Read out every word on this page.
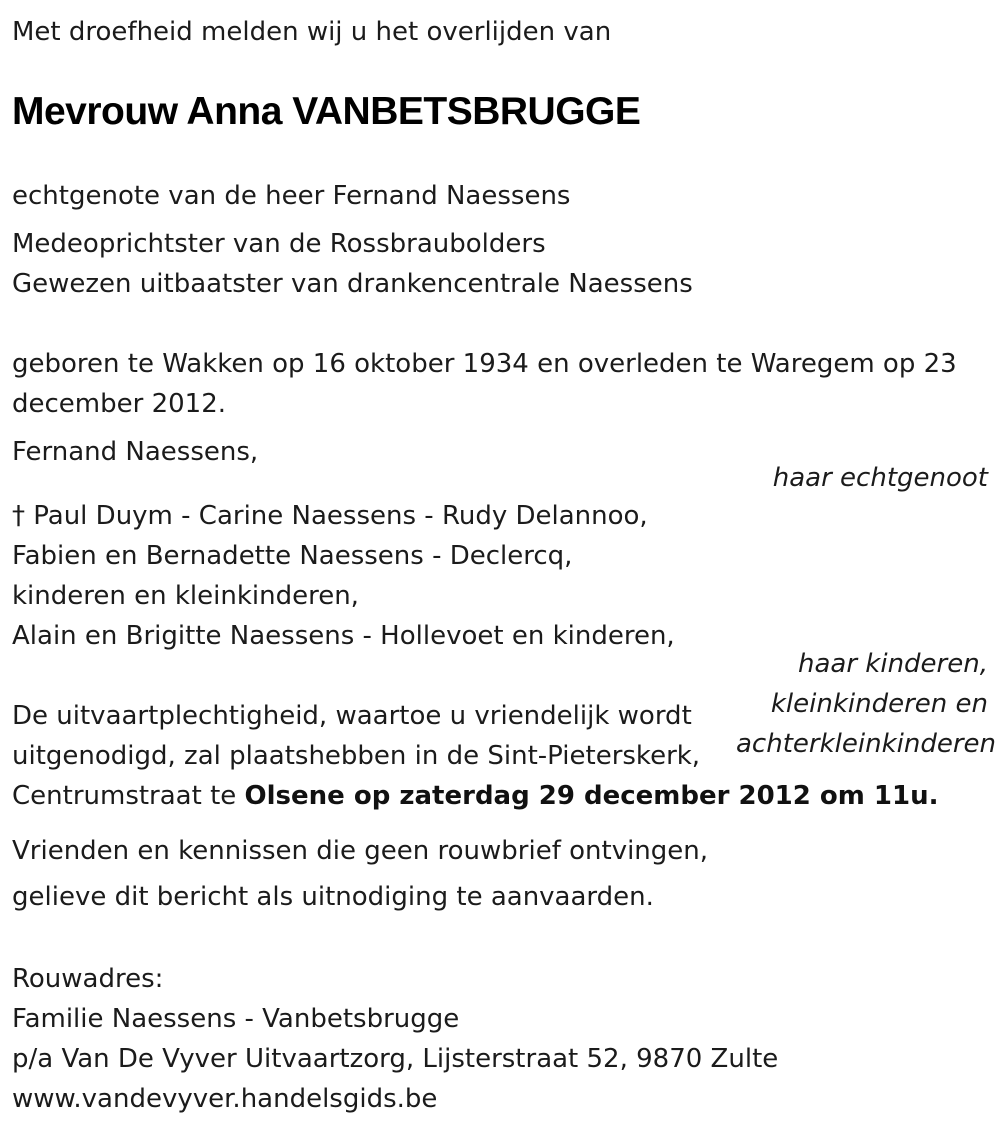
Met droefheid melden wij u het overlijden van

Mevrouw Anna VANBETSBRUGGE

echtgenote van de heer Fernand Naessens

Medeoprichtster van de Rossbraubolders

Gewezen uitbaatster van drankencentrale Naessens

geboren te Wakken op 16 oktober 1934 en overleden te Waregem op 23 december 2012.

Fernand Naessens,

haar echtgenoot

† Paul Duym - Carine Naessens - Rudy Delannoo,

Fabien en Bernadette Naessens - Declercq,

kinderen en kleinkinderen,

Alain en Brigitte Naessens - Hollevoet en kinderen,

haar kinderen,

kleinkinderen en

achterkleinkinderen

De uitvaartplechtigheid, waartoe u vriendelijk wordt uitgenodigd, zal plaatshebben in de Sint-Pieterskerk, Centrumstraat te Olsene op zaterdag 29 december 2012 om 11u.

Vrienden en kennissen die geen rouwbrief ontvingen,

gelieve dit bericht als uitnodiging te aanvaarden.

Rouwadres:

Familie Naessens - Vanbetsbrugge

p/a Van De Vyver Uitvaartzorg, Lijsterstraat 52, 9870 Zulte

www.vandevyver.handelsgids.be
